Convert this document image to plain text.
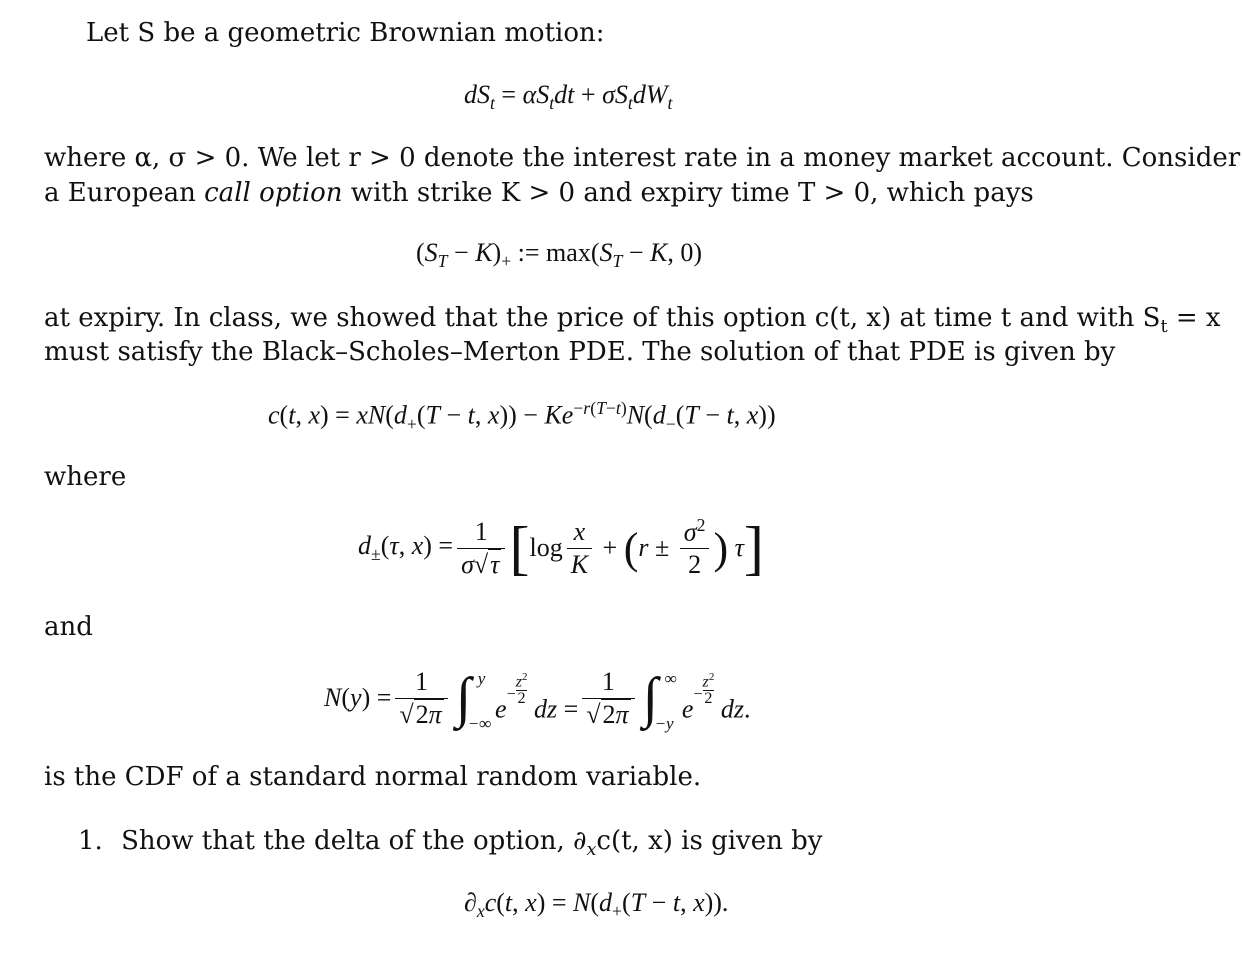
Let S be a geometric Brownian motion:
$dS_t = \alpha S_tdt + \sigma S_tdW_t$
where α, σ > 0. We let r > 0 denote the interest rate in a money market account. Consider
a European call option with strike K > 0 and expiry time T > 0, which pays
$(S_T - K)_+$ := $\max(S_T - K$, 0)
at expiry. In class, we showed that the price of this option c(t, x) at time t and with $S_t = x$
must satisfy the Black–Scholes–Merton PDE. The solution of that PDE is given by
c(t, $x) = xN(d_+(T - t$, $x)) - Ke^{-r(T-t)}N(d_-(T - t$, x))
where
$d_\pm(\tau$, $x) = \frac{1}{\sigma√\tau}$ [ $\log \frac{x}{K}$ + ( $r \pm \frac{\sigma^2}{2}$ ) τ ]
and
$N(y) = \frac{1}{√2\pi}$ ∫ y
−∞
$e- \frac{z^2}{2}$
dz = $\frac{1}{√2\pi}$ ∫ ∞
−y
$e- \frac{z^2}{2}$
dz.
is the CDF of a standard normal random variable.
1. Show that the delta of the option, $\partial_xc(t$, x) is given by
$\partial_xc(t$, $x) = N(d_+(T - t$, x)).
